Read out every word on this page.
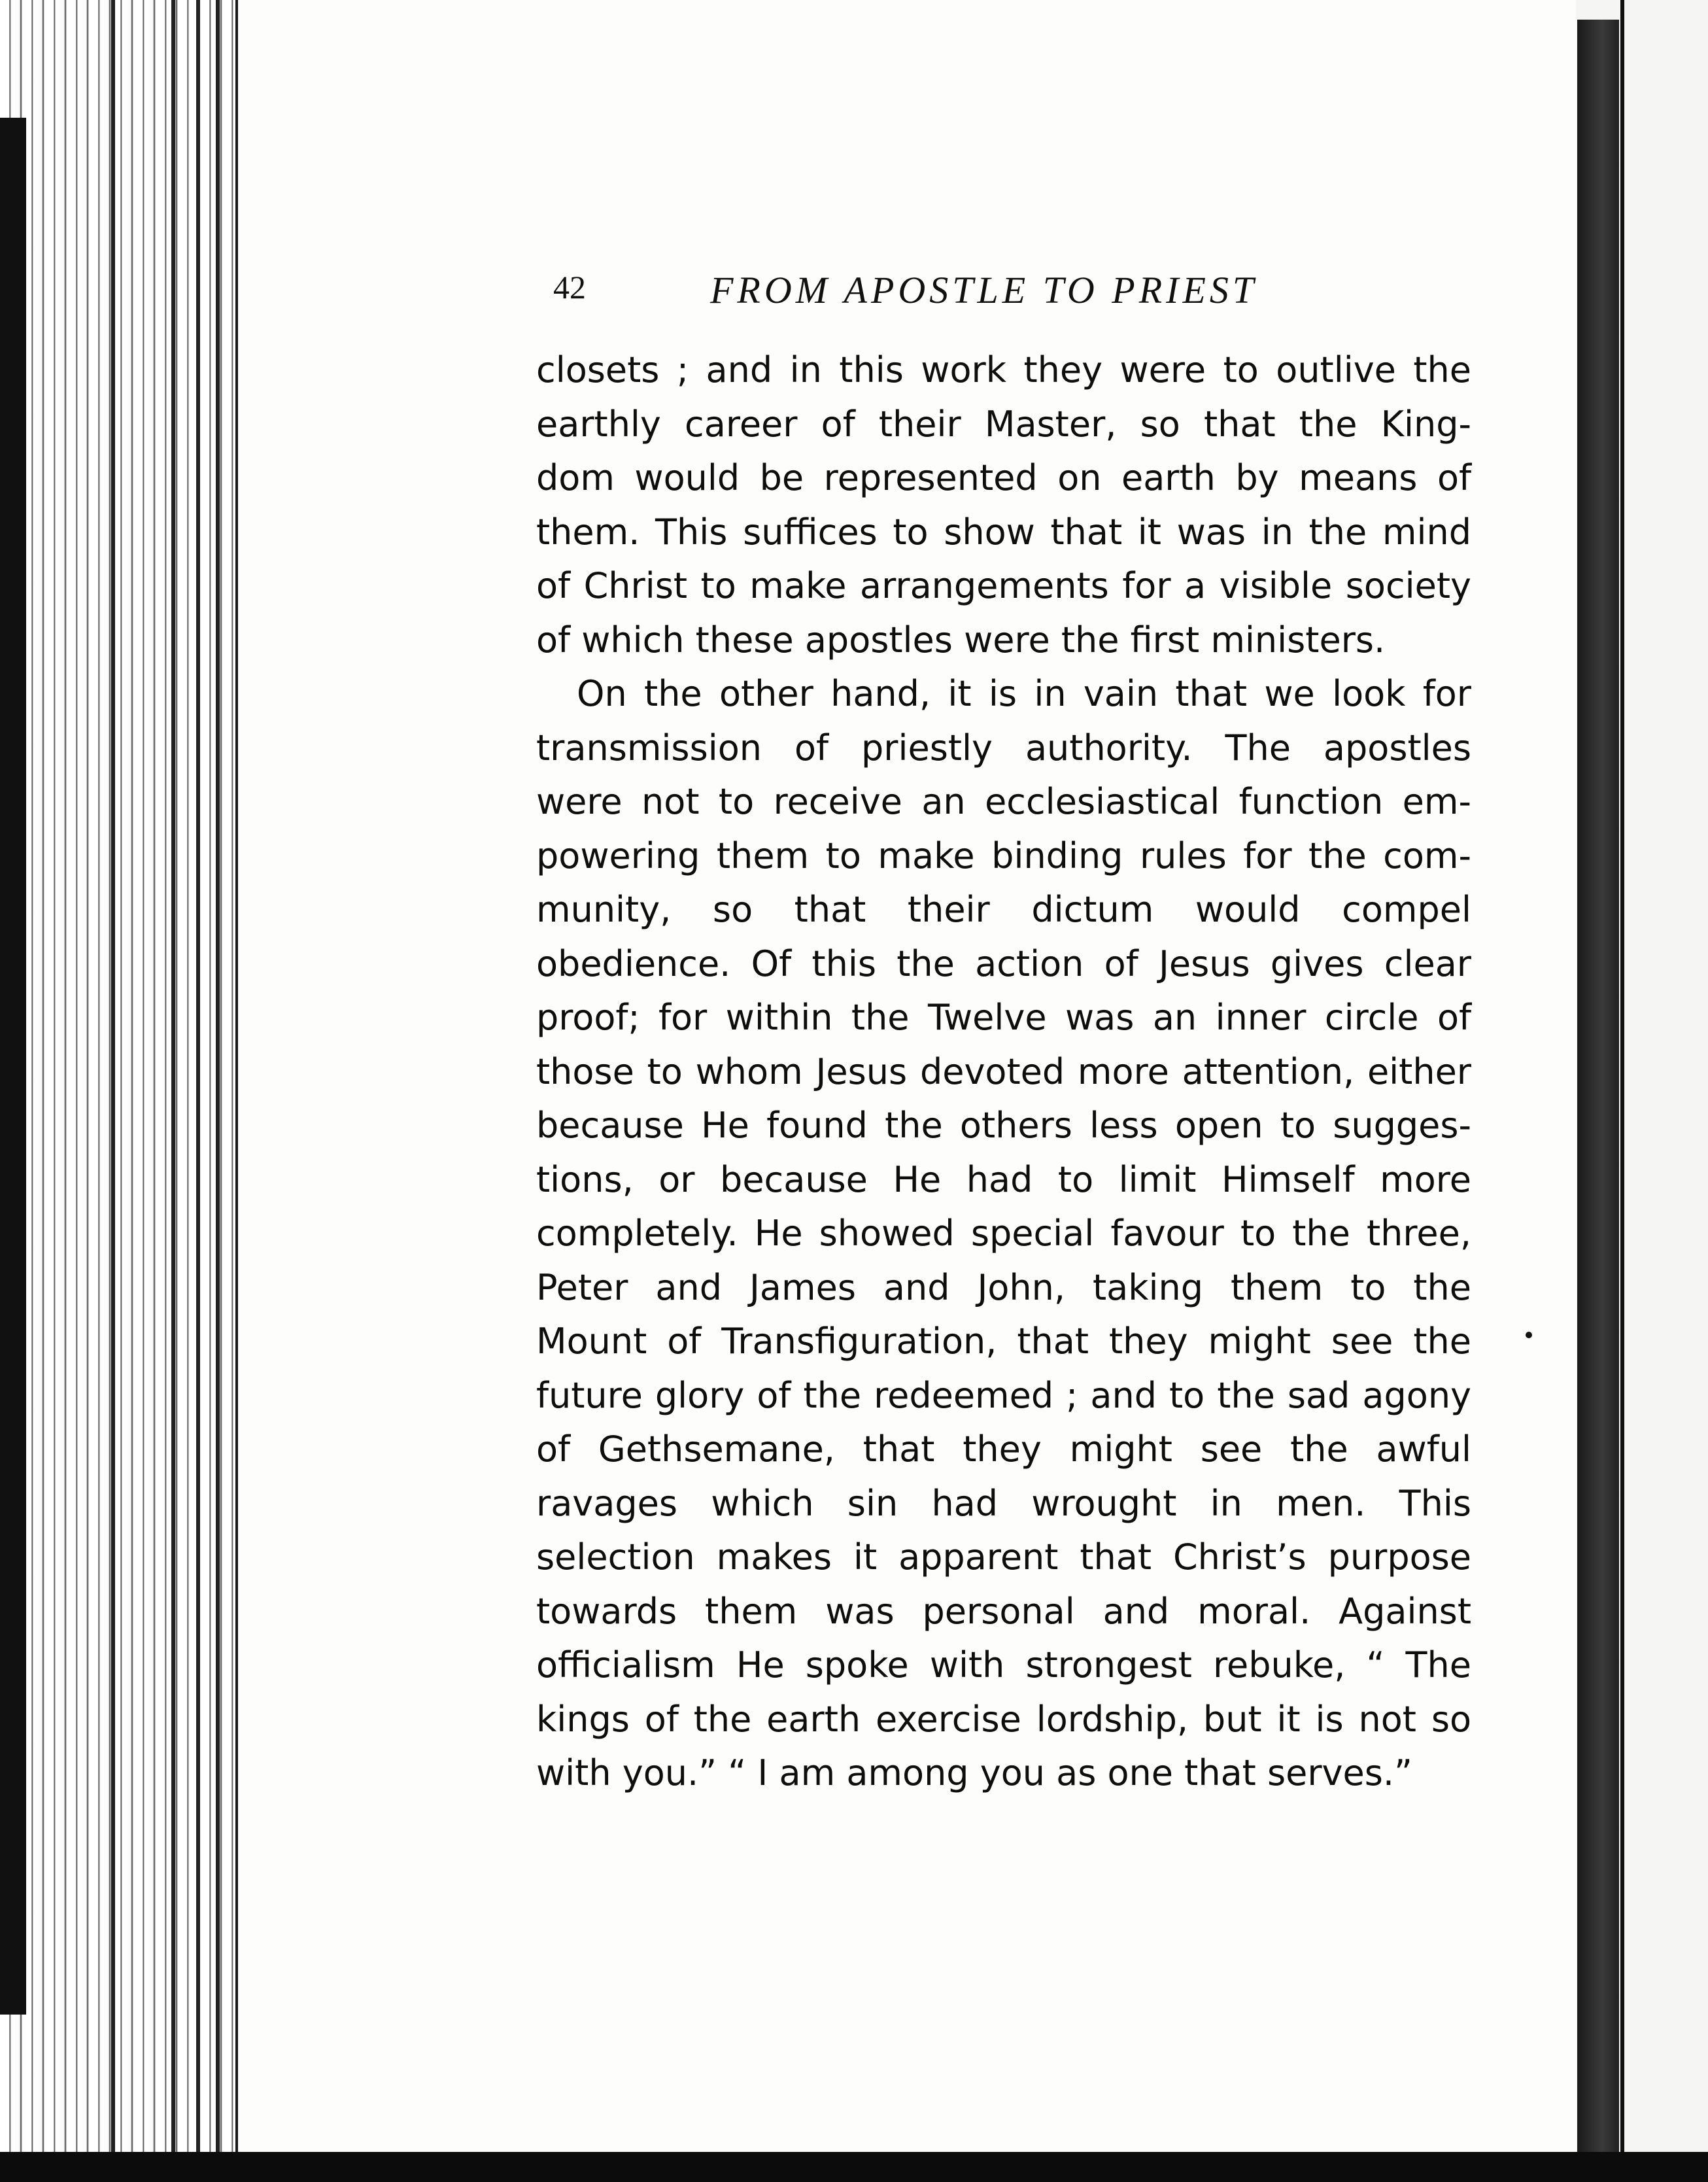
42	FROM APOSTLE TO PRIEST
closets ; and in this work they were to outlive the
earthly career of their Master, so that the King-
dom would be represented on earth by means of
them. This suffices to show that it was in the mind
of Christ to make arrangements for a visible society
of which these apostles were the first ministers.
On the other hand, it is in vain that we look for
transmission of priestly authority. The apostles
were not to receive an ecclesiastical function em-
powering them to make binding rules for the com-
munity, so that their dictum would compel
obedience. Of this the action of Jesus gives clear
proof; for within the Twelve was an inner circle of
those to whom Jesus devoted more attention, either
because He found the others less open to sugges-
tions, or because He had to limit Himself more
completely. He showed special favour to the three,
Peter and James and John, taking them to the
Mount of Transfiguration, that they might see the
future glory of the redeemed ; and to the sad agony
of Gethsemane, that they might see the awful
ravages which sin had wrought in men. This
selection makes it apparent that Christ’s purpose
towards them was personal and moral. Against
officialism He spoke with strongest rebuke, “ The
kings of the earth exercise lordship, but it is not so
with you.” “ I am among you as one that serves.”
